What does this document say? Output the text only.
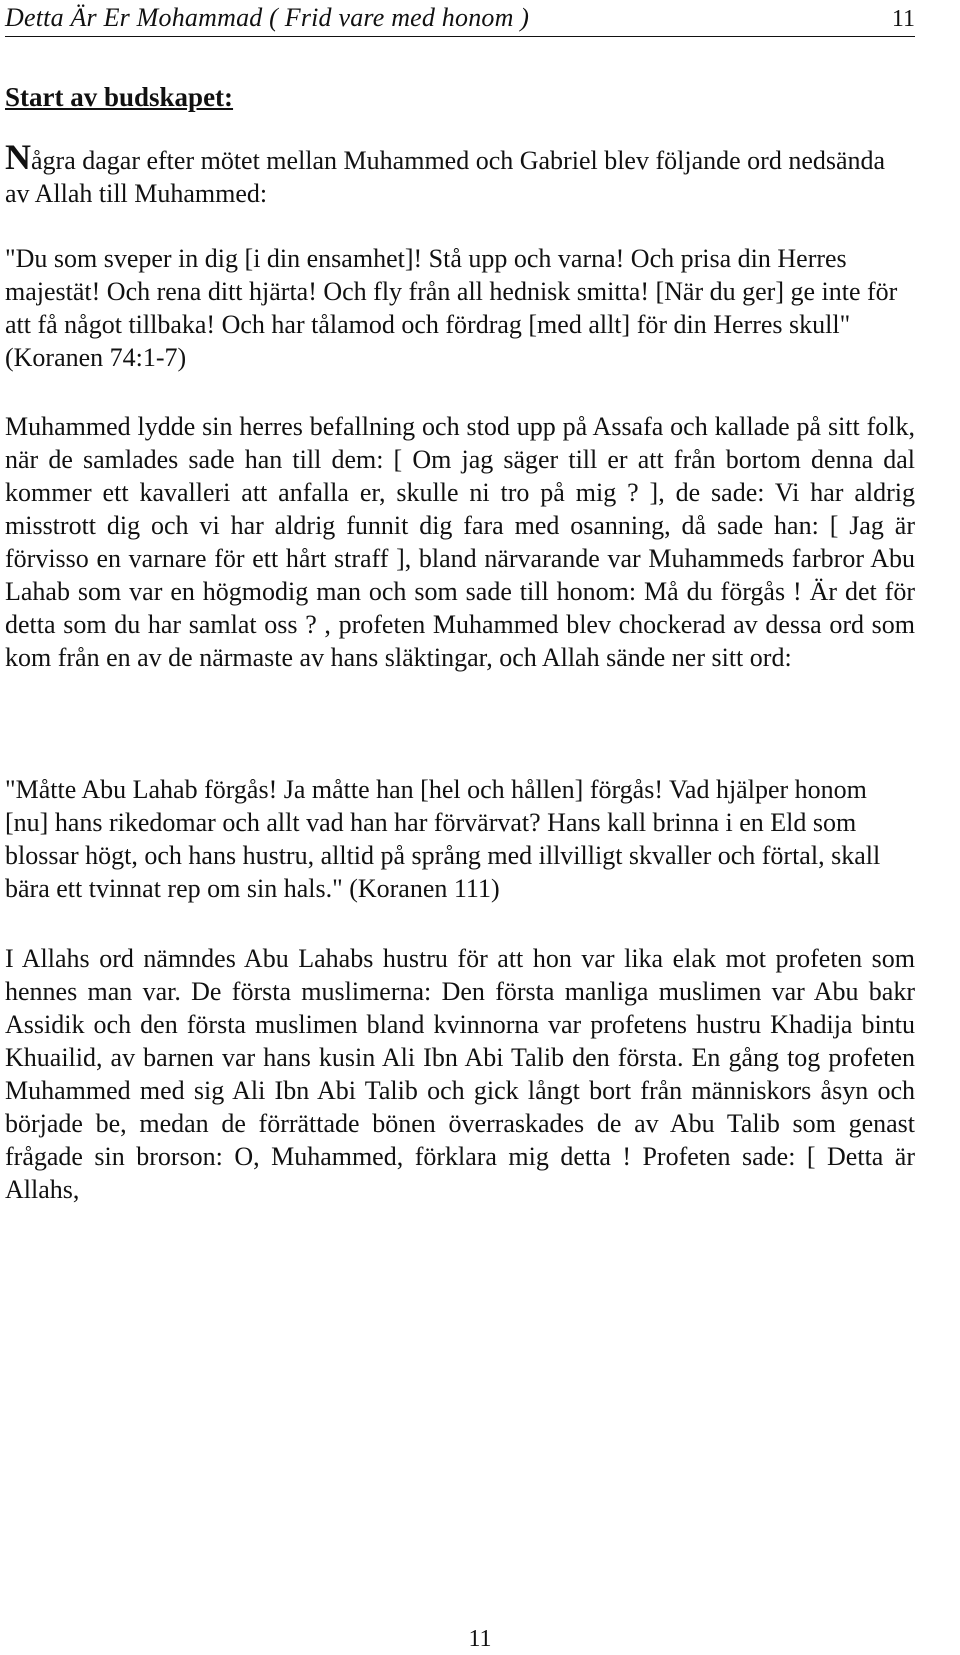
Detta Är Er Mohammad ( Frid vare med honom )	11
Start av budskapet:

Några dagar efter mötet mellan Muhammed och Gabriel blev följande ord nedsända av Allah till Muhammed:

"Du som sveper in dig [i din ensamhet]! Stå upp och varna! Och prisa din Herres majestät! Och rena ditt hjärta! Och fly från all hednisk smitta! [När du ger] ge inte för att få något tillbaka! Och har tålamod och fördrag [med allt] för din Herres skull" (Koranen 74:1-7)

Muhammed lydde sin herres befallning och stod upp på Assafa och kallade på sitt folk, när de samlades sade han till dem: [ Om jag säger till er att från bortom denna dal kommer ett kavalleri att anfalla er, skulle ni tro på mig ? ], de sade: Vi har aldrig misstrott dig och vi har aldrig funnit dig fara med osanning, då sade han: [ Jag är förvisso en varnare för ett hårt straff ], bland närvarande var Muhammeds farbror Abu Lahab som var en högmodig man och som sade till honom: Må du förgås ! Är det för detta som du har samlat oss ? , profeten Muhammed blev chockerad av dessa ord som kom från en av de närmaste av hans släktingar, och Allah sände ner sitt ord:

"Måtte Abu Lahab förgås! Ja måtte han [hel och hållen] förgås! Vad hjälper honom [nu] hans rikedomar och allt vad han har förvärvat? Hans kall brinna i en Eld som blossar högt, och hans hustru, alltid på språng med illvilligt skvaller och förtal, skall bära ett tvinnat rep om sin hals." (Koranen 111)

I Allahs ord nämndes Abu Lahabs hustru för att hon var lika elak mot profeten som hennes man var. De första muslimerna: Den första manliga muslimen var Abu bakr Assidik och den första muslimen bland kvinnorna var profetens hustru Khadija bintu Khuailid, av barnen var hans kusin Ali Ibn Abi Talib den första. En gång tog profeten Muhammed med sig Ali Ibn Abi Talib och gick långt bort från människors åsyn och började be, medan de förrättade bönen överraskades de av Abu Talib som genast frågade sin brorson: O, Muhammed, förklara mig detta ! Profeten sade: [ Detta är Allahs,

11
